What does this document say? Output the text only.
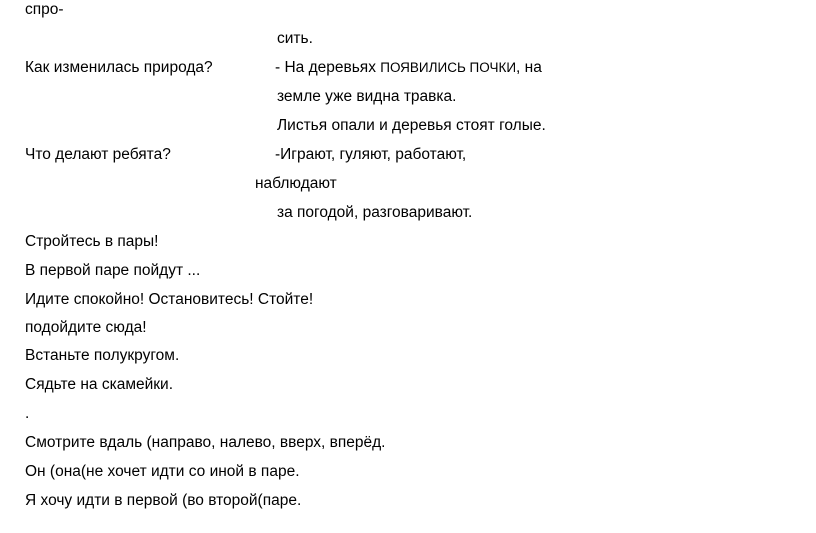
спро-
сить.
Как изменилась природа?	- На деревьях ПОЯВИЛИСЬ ПОЧКИ, на
земле уже видна травка.
Листья опали и деревья стоят голые.
Что делают ребята?	-Играют, гуляют, работают,
наблюдают
за погодой, разговаривают.
Стройтесь в пары!
В первой паре пойдут ...
Идите спокойно! Остановитесь! Стойте!
подойдите сюда!
Встаньте полукругом.
Сядьте на скамейки.
.
Смотрите вдаль (направо, налево, вверх, вперёд.
Он (она(не хочет идти со иной в паре.
Я хочу идти в первой (во второй(паре.
